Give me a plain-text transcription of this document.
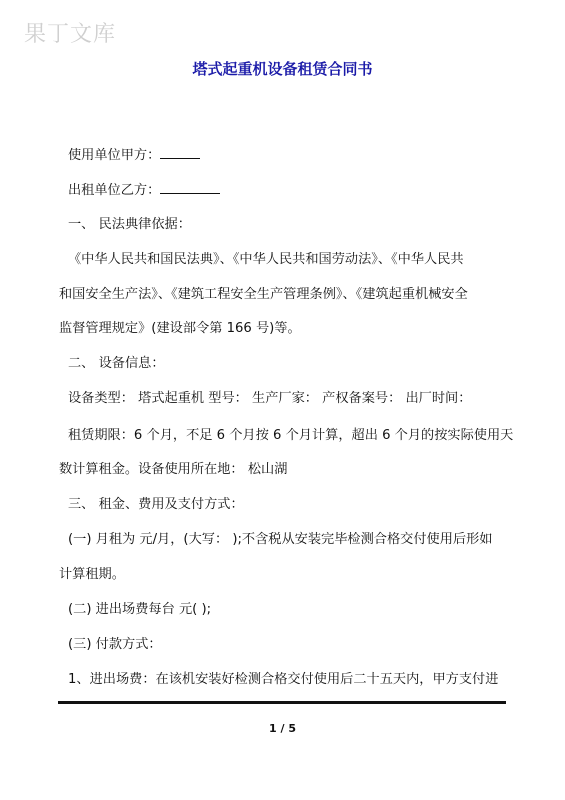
果丁文库
塔式起重机设备租赁合同书
使用单位甲方：
出租单位乙方：
一、 民法典律依据：
《中华人民共和国民法典》、《中华人民共和国劳动法》、《中华人民共
和国安全生产法》、《建筑工程安全生产管理条例》、《建筑起重机械安全
监督管理规定》(建设部令第 166 号)等。
二、 设备信息：
设备类型： 塔式起重机 型号： 生产厂家： 产权备案号： 出厂时间：
租赁期限：6 个月，不足 6 个月按 6 个月计算，超出 6 个月的按实际使用天
数计算租金。设备使用所在地： 松山湖
三、 租金、费用及支付方式：
(一) 月租为 元/月，(大写： );不含税从安装完毕检测合格交付使用后形如
计算租期。
(二) 进出场费每台 元( );
(三) 付款方式：
1、进出场费：在该机安装好检测合格交付使用后二十五天内，甲方支付进
1 / 5
